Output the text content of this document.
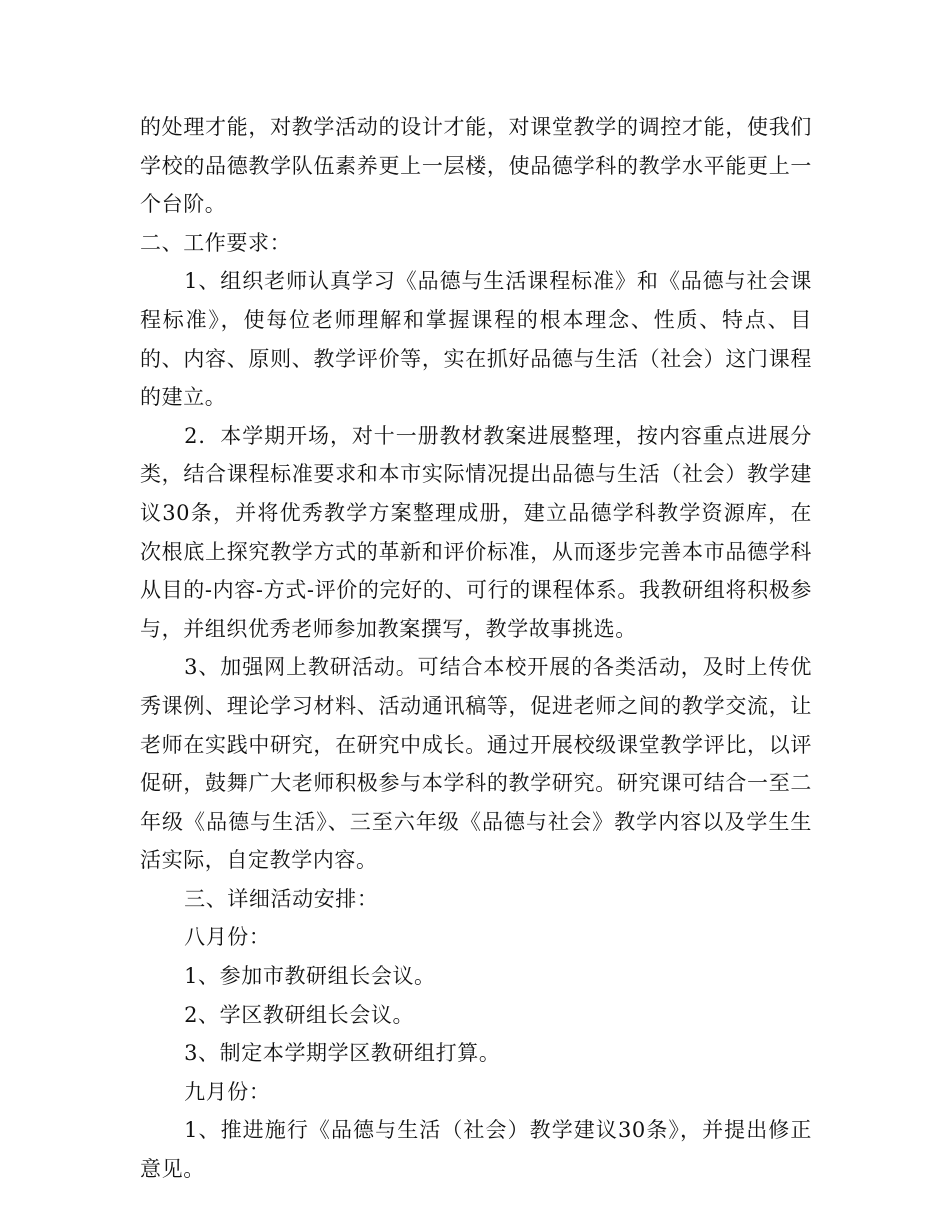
的处理才能，对教学活动的设计才能，对课堂教学的调控才能，使我们学校的品德教学队伍素养更上一层楼，使品德学科的教学水平能更上一个台阶。

二、工作要求：

1、组织老师认真学习《品德与生活课程标准》和《品德与社会课程标准》，使每位老师理解和掌握课程的根本理念、性质、特点、目的、内容、原则、教学评价等，实在抓好品德与生活（社会）这门课程的建立。

2．本学期开场，对十一册教材教案进展整理，按内容重点进展分类，结合课程标准要求和本市实际情况提出品德与生活（社会）教学建议30条，并将优秀教学方案整理成册，建立品德学科教学资源库，在次根底上探究教学方式的革新和评价标准，从而逐步完善本市品德学科从目的-内容-方式-评价的完好的、可行的课程体系。我教研组将积极参与，并组织优秀老师参加教案撰写，教学故事挑选。

3、加强网上教研活动。可结合本校开展的各类活动，及时上传优秀课例、理论学习材料、活动通讯稿等，促进老师之间的教学交流，让老师在实践中研究，在研究中成长。通过开展校级课堂教学评比，以评促研，鼓舞广大老师积极参与本学科的教学研究。研究课可结合一至二年级《品德与生活》、三至六年级《品德与社会》教学内容以及学生生活实际，自定教学内容。

三、详细活动安排：

八月份：

1、参加市教研组长会议。

2、学区教研组长会议。

3、制定本学期学区教研组打算。

九月份：

1、推进施行《品德与生活（社会）教学建议30条》，并提出修正意见。
